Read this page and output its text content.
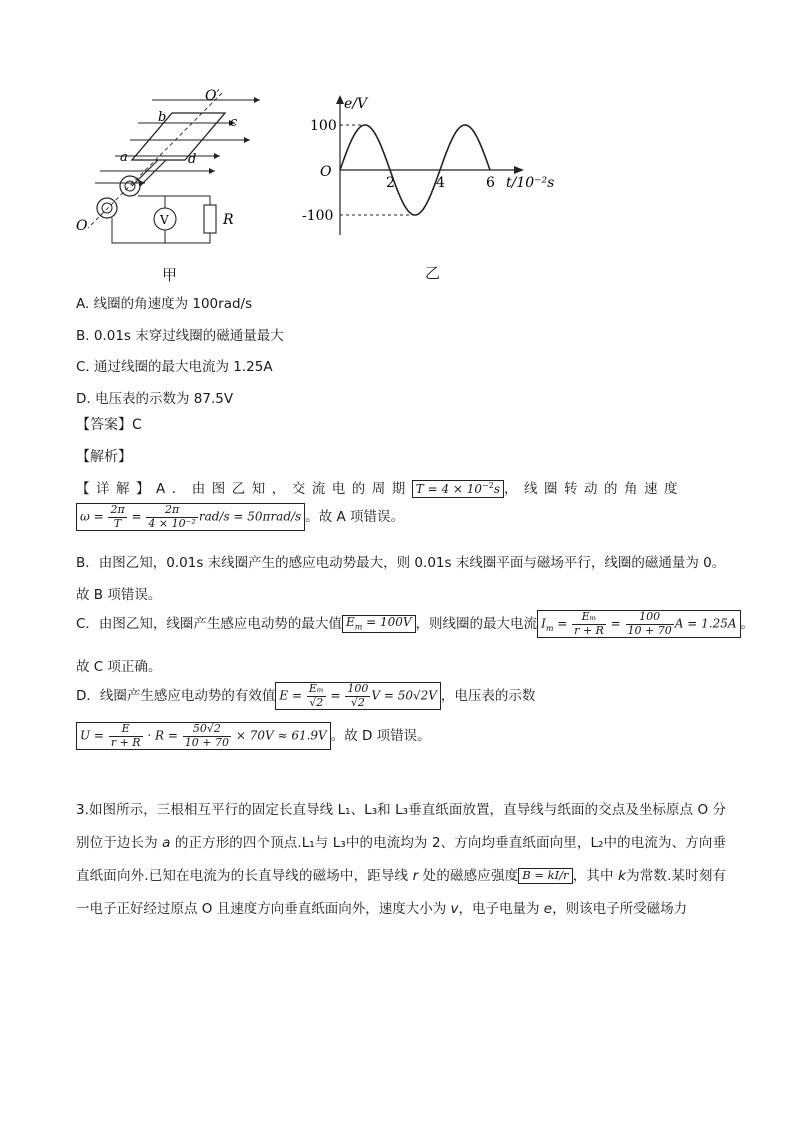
O′
b	c
a	d
O	V	R
甲
e/V
t/10⁻²s
O
100
-100
2	4	6
乙
A. 线圈的角速度为 100rad/s
B. 0.01s 末穿过线圈的磁通量最大
C. 通过线圈的最大电流为 1.25A
D. 电压表的示数为 87.5V
【答案】C
【解析】
【详解】A．由图乙知，交流电的周期 $T = 4 \times 10^{-2}s$ ，线圈转动的角速度
$\omega = \frac{2\pi}{T} = \frac{2\pi}{\text{4 × 10⁻²}} rad/s = 50\pi rad/s$ 。故 A 项错误。
B．由图乙知，0.01s 末线圈产生的感应电动势最大，则 0.01s 末线圈平面与磁场平行，线圈的磁通量为 0。
故 B 项错误。
C．由图乙知，线圈产生感应电动势的最大值 $E_m = 100V$ ，则线圈的最大电流 $I_m = \frac{\text{Eₘ}}{r + R} = \frac{100}{10 + 70}$ A = 1.25A 。
故 C 项正确。
D．线圈产生感应电动势的有效值 $E = \frac{\text{Eₘ}}{√2} = \frac{100}{√2}$ V = 50√2V ，电压表的示数
$U = \frac{E}{r + R} \cdot R = \frac{50√2}{10 + 70} \times 70V \approx 61.9V$ 。故 D 项错误。
3.如图所示，三根相互平行的固定长直导线 L₁、L₃和 L₃垂直纸面放置，直导线与纸面的交点及坐标原点 O 分别位于边长为 a 的正方形的四个顶点.L₁与 L₃中的电流均为 2、方向均垂直纸面向里，L₂中的电流为、方向垂直纸面向外.已知在电流为的长直导线的磁场中，距导线 r 处的磁感应强度 B = kI/r ，其中 k为常数.某时刻有一电子正好经过原点 O 且速度方向垂直纸面向外，速度大小为 v，电子电量为 e，则该电子所受磁场力
